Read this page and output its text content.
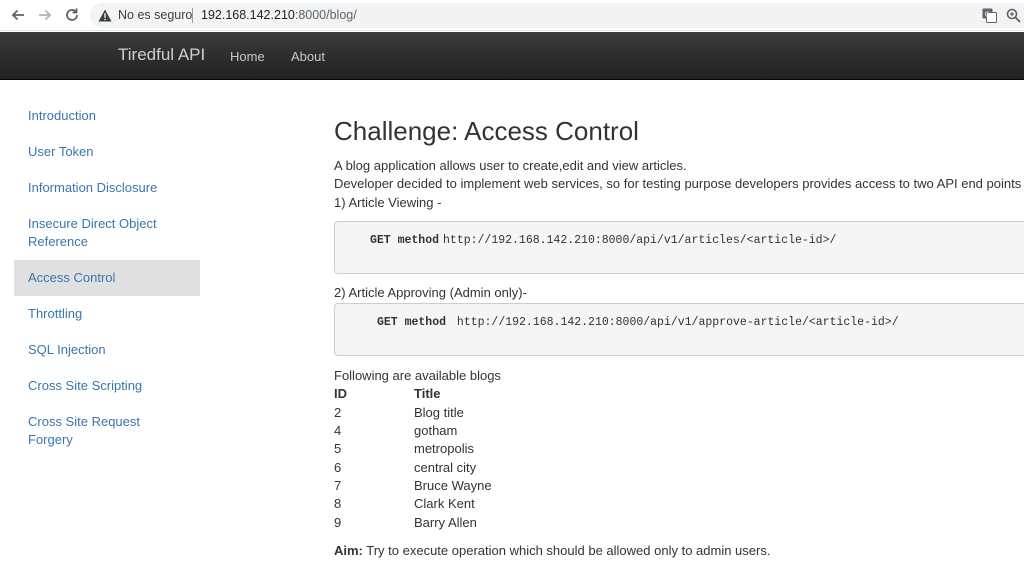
No es seguro 192.168.142.210:8000/blog/	G
Tiredful API Home About
Introduction
User Token
Information Disclosure
Insecure Direct Object Reference
Access Control
Throttling
SQL Injection
Cross Site Scripting
Cross Site Request Forgery
Challenge: Access Control
A blog application allows user to create,edit and view articles.
Developer decided to implement web services, so for testing purpose developers provides access to two API end points
1) Article Viewing -
GET method http://192.168.142.210:8000/api/v1/articles/<article-id>/
2) Article Approving (Admin only)-
GET method http://192.168.142.210:8000/api/v1/approve-article/<article-id>/
Following are available blogs
ID	Title
2	Blog title
4	gotham
5	metropolis
6	central city
7	Bruce Wayne
8	Clark Kent
9	Barry Allen
Aim: Try to execute operation which should be allowed only to admin users.
